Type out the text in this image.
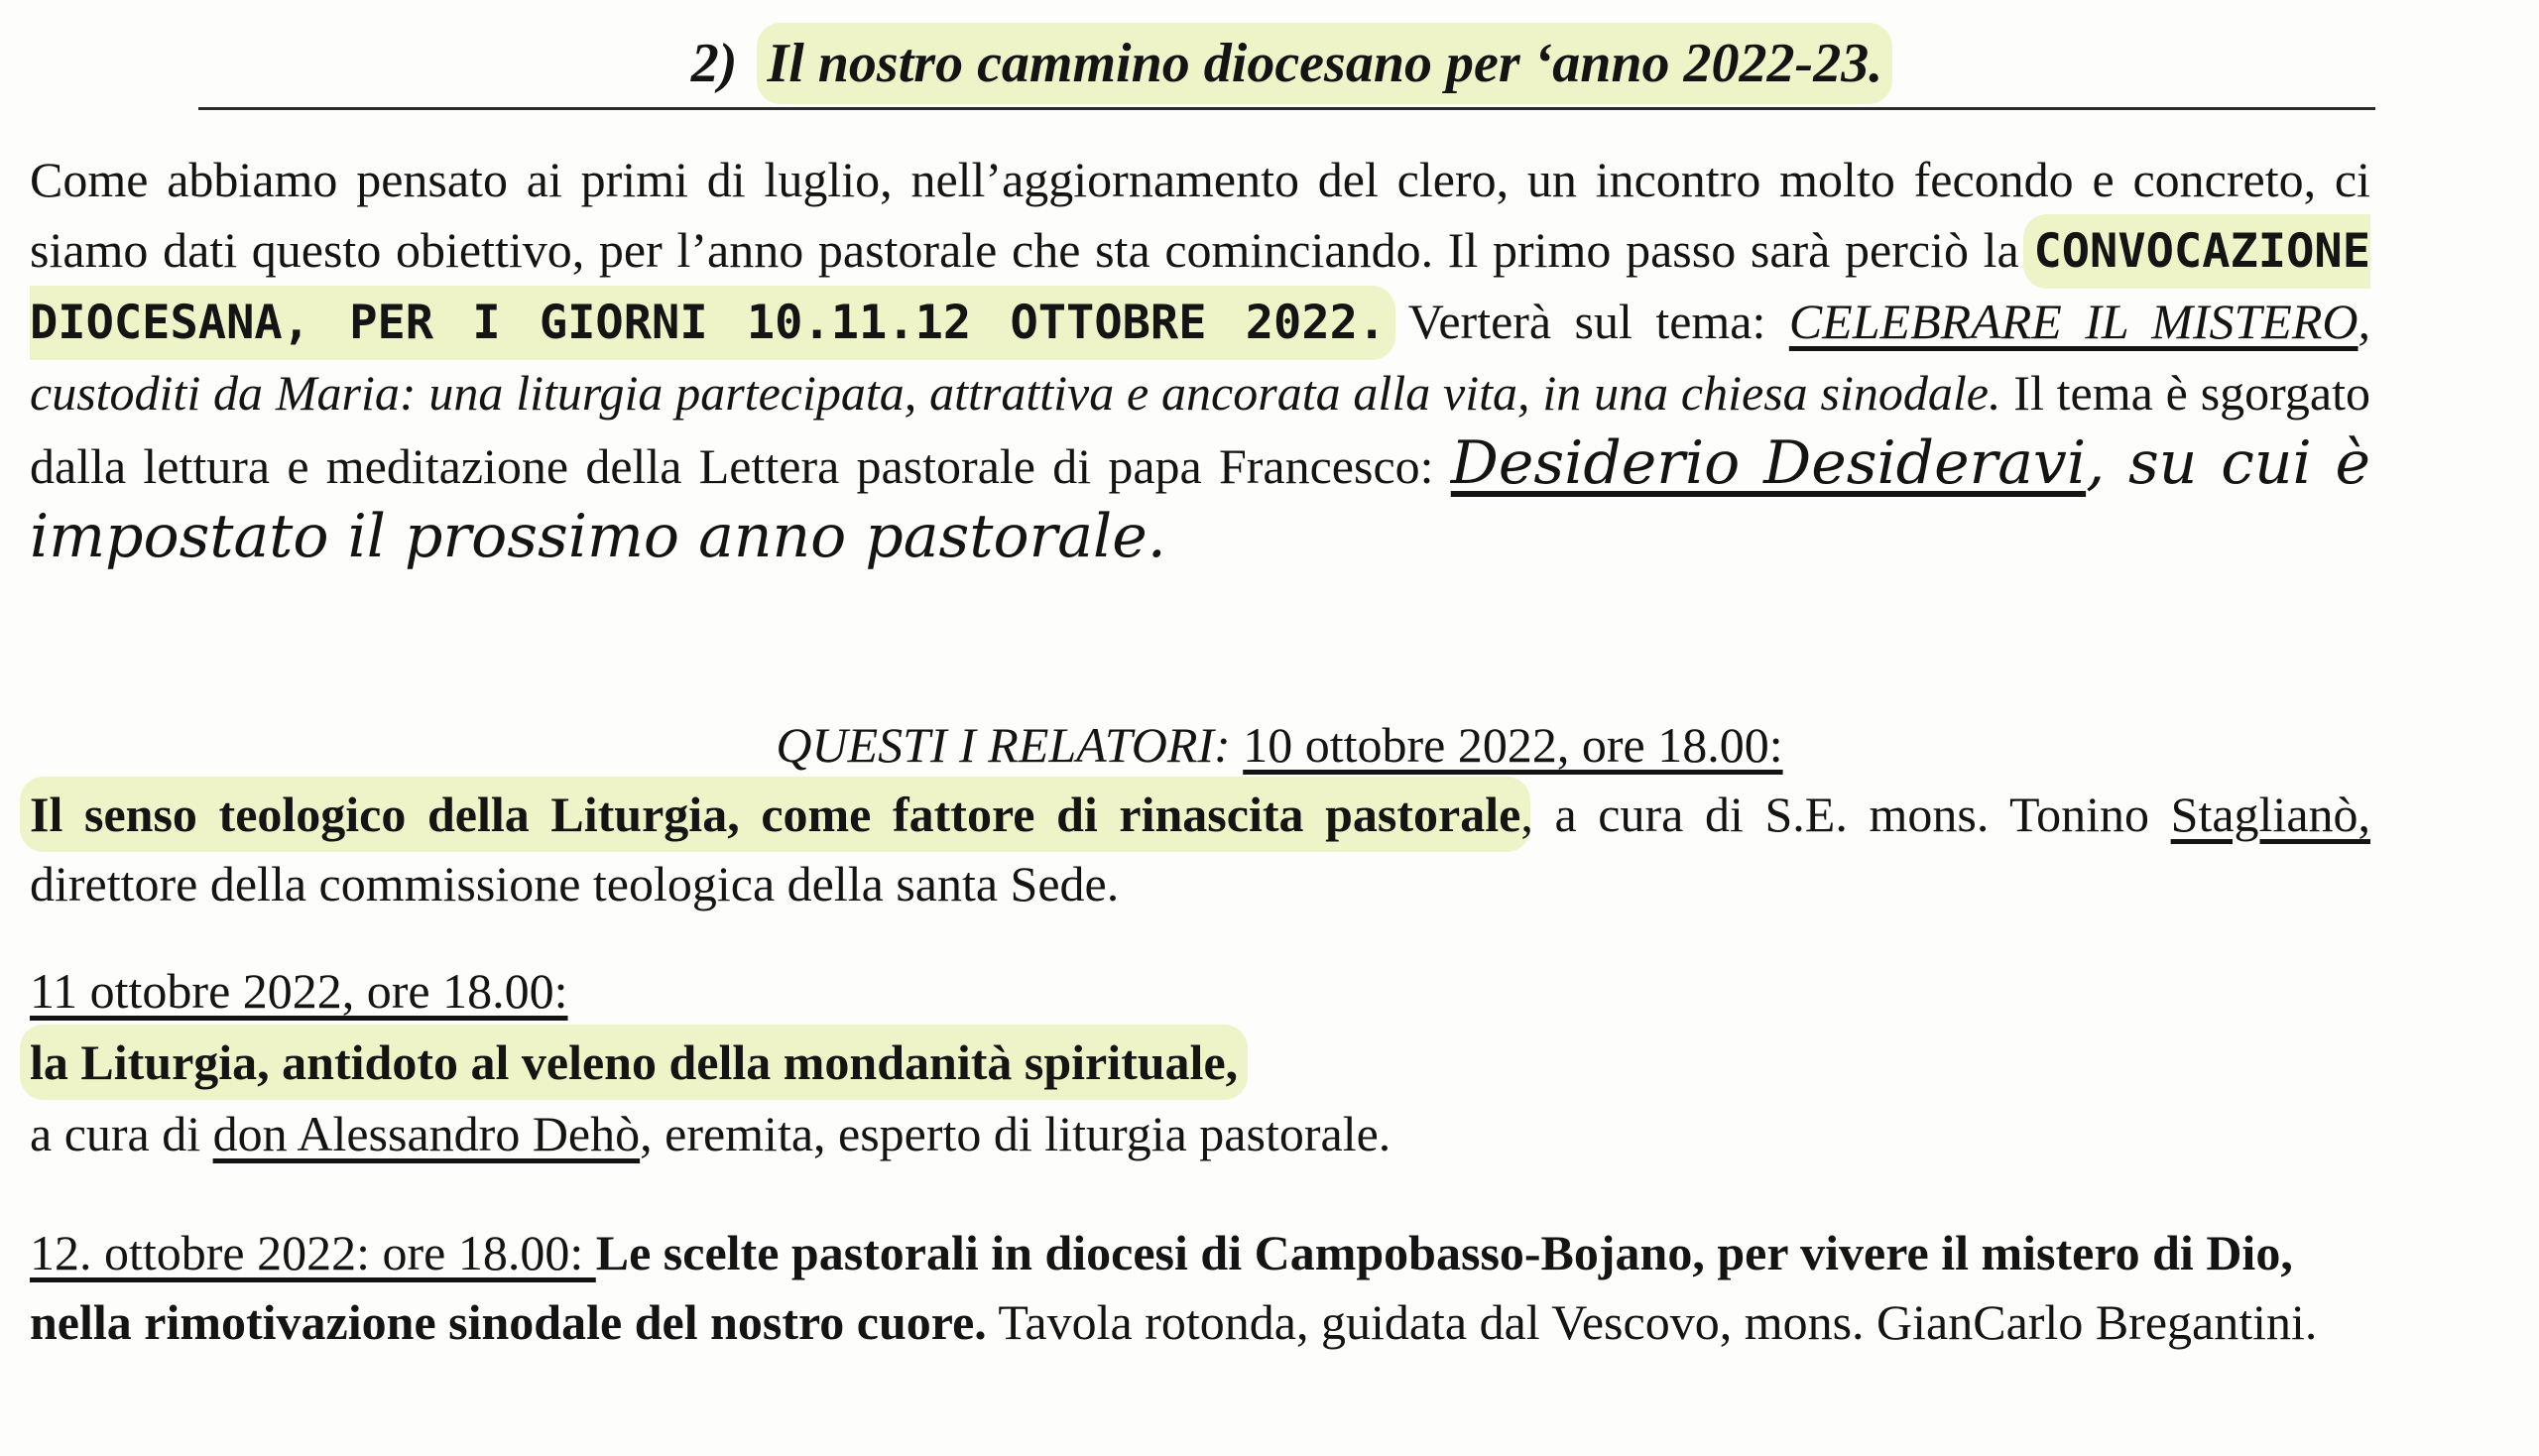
2) Il nostro cammino diocesano per ‘anno 2022-23.
Come abbiamo pensato ai primi di luglio, nell’aggiornamento del clero, un incontro molto fecondo e concreto, ci siamo dati questo obiettivo, per l’anno pastorale che sta cominciando. Il primo passo sarà perciò la CONVOCAZIONE DIOCESANA, PER I GIORNI 10.11.12 OTTOBRE 2022. Verterà sul tema: CELEBRARE IL MISTERO, custoditi da Maria: una liturgia partecipata, attrattiva e ancorata alla vita, in una chiesa sinodale. Il tema è sgorgato dalla lettura e meditazione della Lettera pastorale di papa Francesco: Desiderio Desideravi, su cui è impostato il prossimo anno pastorale.
QUESTI I RELATORI: 10 ottobre 2022, ore 18.00:
Il senso teologico della Liturgia, come fattore di rinascita pastorale, a cura di S.E. mons. Tonino Staglianò, direttore della commissione teologica della santa Sede.
11 ottobre 2022, ore 18.00:
la Liturgia, antidoto al veleno della mondanità spirituale,
a cura di don Alessandro Dehò, eremita, esperto di liturgia pastorale.
12. ottobre 2022: ore 18.00: Le scelte pastorali in diocesi di Campobasso-Bojano, per vivere il mistero di Dio, nella rimotivazione sinodale del nostro cuore. Tavola rotonda, guidata dal Vescovo, mons. GianCarlo Bregantini.
